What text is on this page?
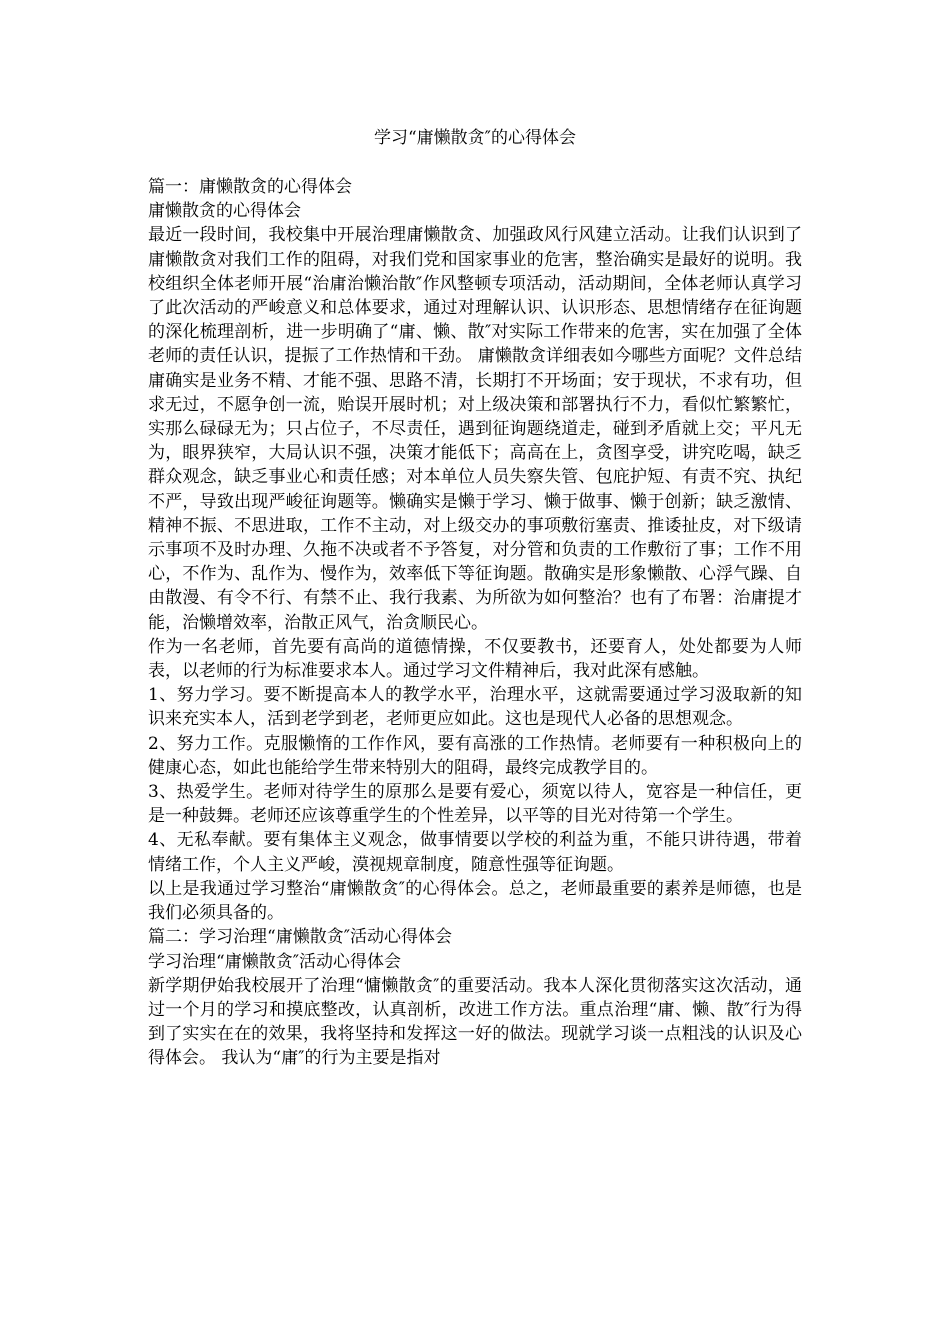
学习“庸懒散贪″的心得体会

篇一：庸懒散贪的心得体会

庸懒散贪的心得体会

最近一段时间，我校集中开展治理庸懒散贪、加强政风行风建立活动。让我们认识到了庸懒散贪对我们工作的阻碍，对我们党和国家事业的危害，整治确实是最好的说明。我校组织全体老师开展“治庸治懒治散″作风整顿专项活动，活动期间，全体老师认真学习了此次活动的严峻意义和总体要求，通过对理解认识、认识形态、思想情绪存在征询题的深化梳理剖析，进一步明确了“庸、懒、散″对实际工作带来的危害，实在加强了全体老师的责任认识，提振了工作热情和干劲。 庸懒散贪详细表如今哪些方面呢？文件总结庸确实是业务不精、才能不强、思路不清，长期打不开场面；安于现状，不求有功，但求无过，不愿争创一流，贻误开展时机；对上级决策和部署执行不力，看似忙繁繁忙，实那么碌碌无为；只占位子，不尽责任，遇到征询题绕道走，碰到矛盾就上交；平凡无为，眼界狭窄，大局认识不强，决策才能低下；高高在上，贪图享受，讲究吃喝，缺乏群众观念，缺乏事业心和责任感；对本单位人员失察失管、包庇护短、有责不究、执纪不严，导致出现严峻征询题等。懒确实是懒于学习、懒于做事、懒于创新；缺乏激情、精神不振、不思进取，工作不主动，对上级交办的事项敷衍塞责、推诿扯皮，对下级请示事项不及时办理、久拖不决或者不予答复，对分管和负责的工作敷衍了事；工作不用心，不作为、乱作为、慢作为，效率低下等征询题。散确实是形象懒散、心浮气躁、自由散漫、有令不行、有禁不止、我行我素、为所欲为如何整治？也有了布署：治庸提才能，治懒增效率，治散正风气，治贪顺民心。

作为一名老师，首先要有高尚的道德情操，不仅要教书，还要育人，处处都要为人师表，以老师的行为标准要求本人。通过学习文件精神后，我对此深有感触。

1、努力学习。要不断提高本人的教学水平，治理水平，这就需要通过学习汲取新的知识来充实本人，活到老学到老，老师更应如此。这也是现代人必备的思想观念。

2、努力工作。克服懒惰的工作作风，要有高涨的工作热情。老师要有一种积极向上的健康心态，如此也能给学生带来特别大的阻碍，最终完成教学目的。

3、热爱学生。老师对待学生的原那么是要有爱心，须宽以待人，宽容是一种信任，更是一种鼓舞。老师还应该尊重学生的个性差异，以平等的目光对待第一个学生。

4、无私奉献。要有集体主义观念，做事情要以学校的利益为重，不能只讲待遇，带着情绪工作，个人主义严峻，漠视规章制度，随意性强等征询题。

以上是我通过学习整治“庸懒散贪″的心得体会。总之，老师最重要的素养是师德，也是我们必须具备的。

篇二：学习治理“庸懒散贪″活动心得体会

学习治理“庸懒散贪″活动心得体会

新学期伊始我校展开了治理“慵懒散贪″的重要活动。我本人深化贯彻落实这次活动，通过一个月的学习和摸底整改，认真剖析，改进工作方法。重点治理“庸、懒、散″行为得到了实实在在的效果，我将坚持和发挥这一好的做法。现就学习谈一点粗浅的认识及心得体会。 我认为“庸″的行为主要是指对
